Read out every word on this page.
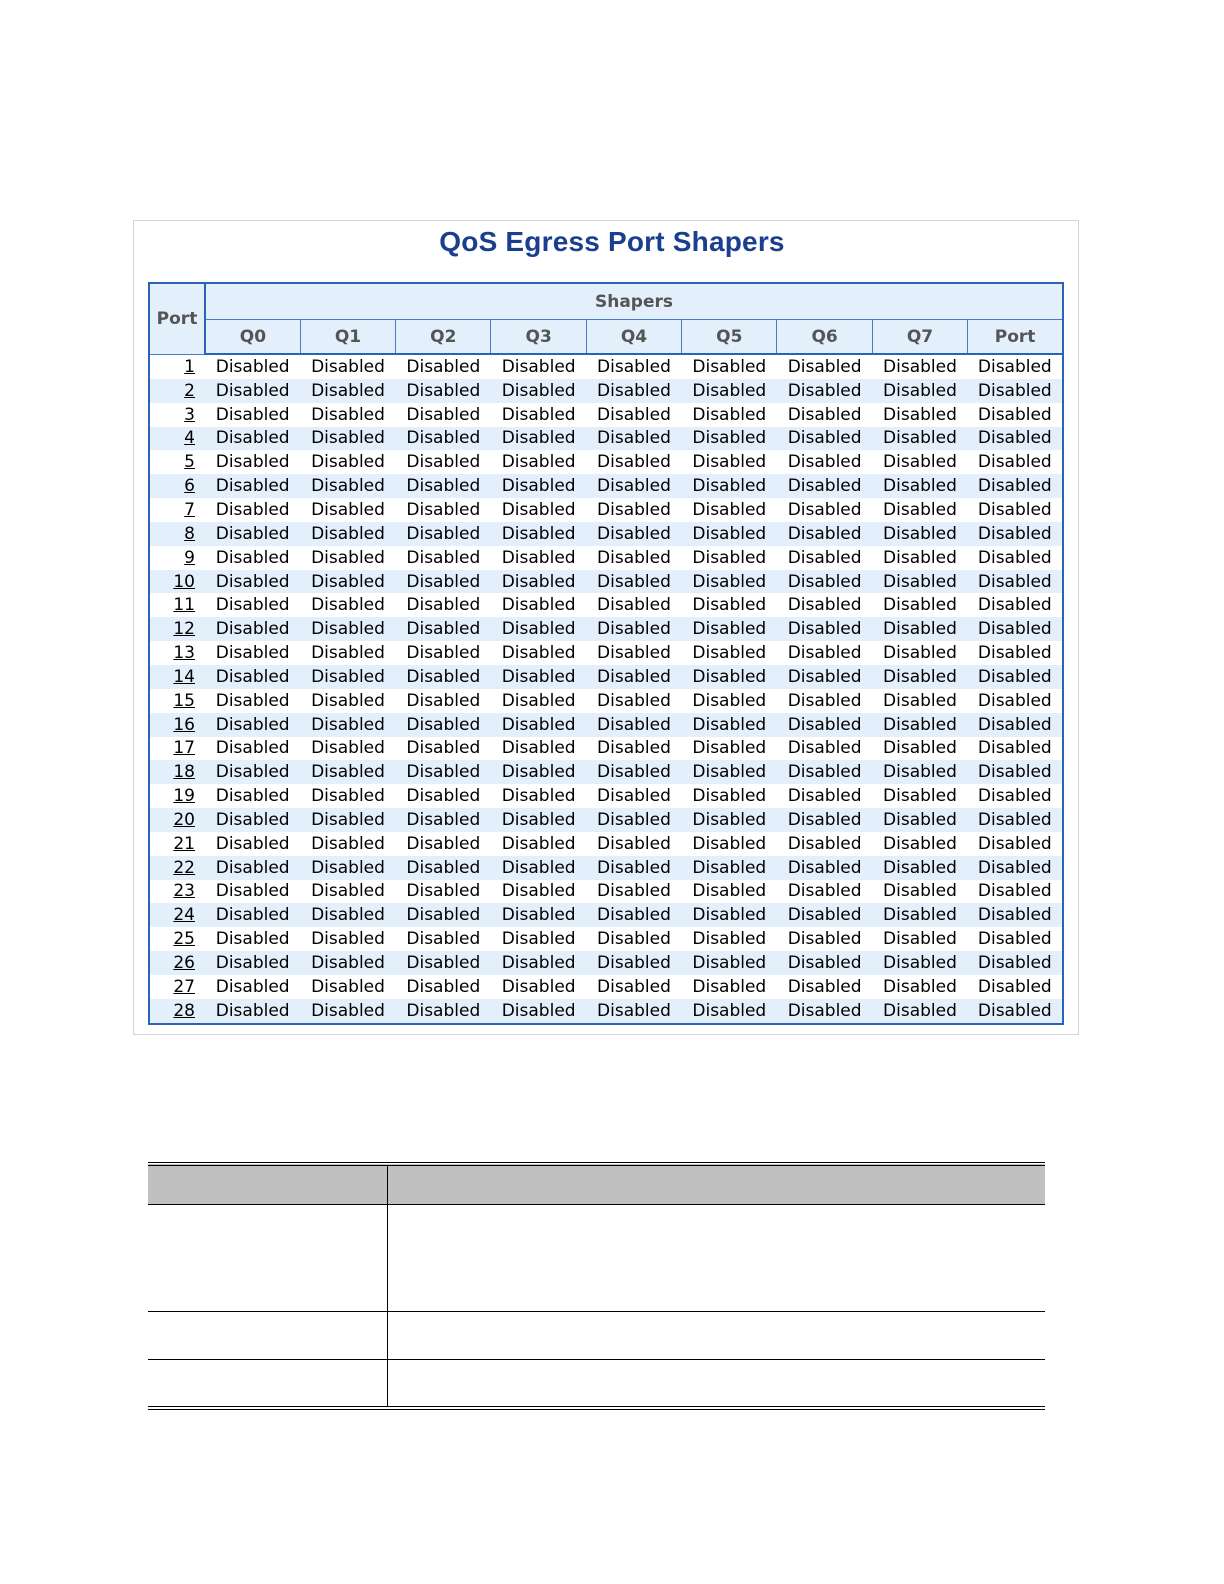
QoS Egress Port Shapers
Port	Shapers								
	Q0	Q1	Q2	Q3	Q4	Q5	Q6	Q7	Port
1	Disabled	Disabled	Disabled	Disabled	Disabled	Disabled	Disabled	Disabled	Disabled
2	Disabled	Disabled	Disabled	Disabled	Disabled	Disabled	Disabled	Disabled	Disabled
3	Disabled	Disabled	Disabled	Disabled	Disabled	Disabled	Disabled	Disabled	Disabled
4	Disabled	Disabled	Disabled	Disabled	Disabled	Disabled	Disabled	Disabled	Disabled
5	Disabled	Disabled	Disabled	Disabled	Disabled	Disabled	Disabled	Disabled	Disabled
6	Disabled	Disabled	Disabled	Disabled	Disabled	Disabled	Disabled	Disabled	Disabled
7	Disabled	Disabled	Disabled	Disabled	Disabled	Disabled	Disabled	Disabled	Disabled
8	Disabled	Disabled	Disabled	Disabled	Disabled	Disabled	Disabled	Disabled	Disabled
9	Disabled	Disabled	Disabled	Disabled	Disabled	Disabled	Disabled	Disabled	Disabled
10	Disabled	Disabled	Disabled	Disabled	Disabled	Disabled	Disabled	Disabled	Disabled
11	Disabled	Disabled	Disabled	Disabled	Disabled	Disabled	Disabled	Disabled	Disabled
12	Disabled	Disabled	Disabled	Disabled	Disabled	Disabled	Disabled	Disabled	Disabled
13	Disabled	Disabled	Disabled	Disabled	Disabled	Disabled	Disabled	Disabled	Disabled
14	Disabled	Disabled	Disabled	Disabled	Disabled	Disabled	Disabled	Disabled	Disabled
15	Disabled	Disabled	Disabled	Disabled	Disabled	Disabled	Disabled	Disabled	Disabled
16	Disabled	Disabled	Disabled	Disabled	Disabled	Disabled	Disabled	Disabled	Disabled
17	Disabled	Disabled	Disabled	Disabled	Disabled	Disabled	Disabled	Disabled	Disabled
18	Disabled	Disabled	Disabled	Disabled	Disabled	Disabled	Disabled	Disabled	Disabled
19	Disabled	Disabled	Disabled	Disabled	Disabled	Disabled	Disabled	Disabled	Disabled
20	Disabled	Disabled	Disabled	Disabled	Disabled	Disabled	Disabled	Disabled	Disabled
21	Disabled	Disabled	Disabled	Disabled	Disabled	Disabled	Disabled	Disabled	Disabled
22	Disabled	Disabled	Disabled	Disabled	Disabled	Disabled	Disabled	Disabled	Disabled
23	Disabled	Disabled	Disabled	Disabled	Disabled	Disabled	Disabled	Disabled	Disabled
24	Disabled	Disabled	Disabled	Disabled	Disabled	Disabled	Disabled	Disabled	Disabled
25	Disabled	Disabled	Disabled	Disabled	Disabled	Disabled	Disabled	Disabled	Disabled
26	Disabled	Disabled	Disabled	Disabled	Disabled	Disabled	Disabled	Disabled	Disabled
27	Disabled	Disabled	Disabled	Disabled	Disabled	Disabled	Disabled	Disabled	Disabled
28	Disabled	Disabled	Disabled	Disabled	Disabled	Disabled	Disabled	Disabled	Disabled
